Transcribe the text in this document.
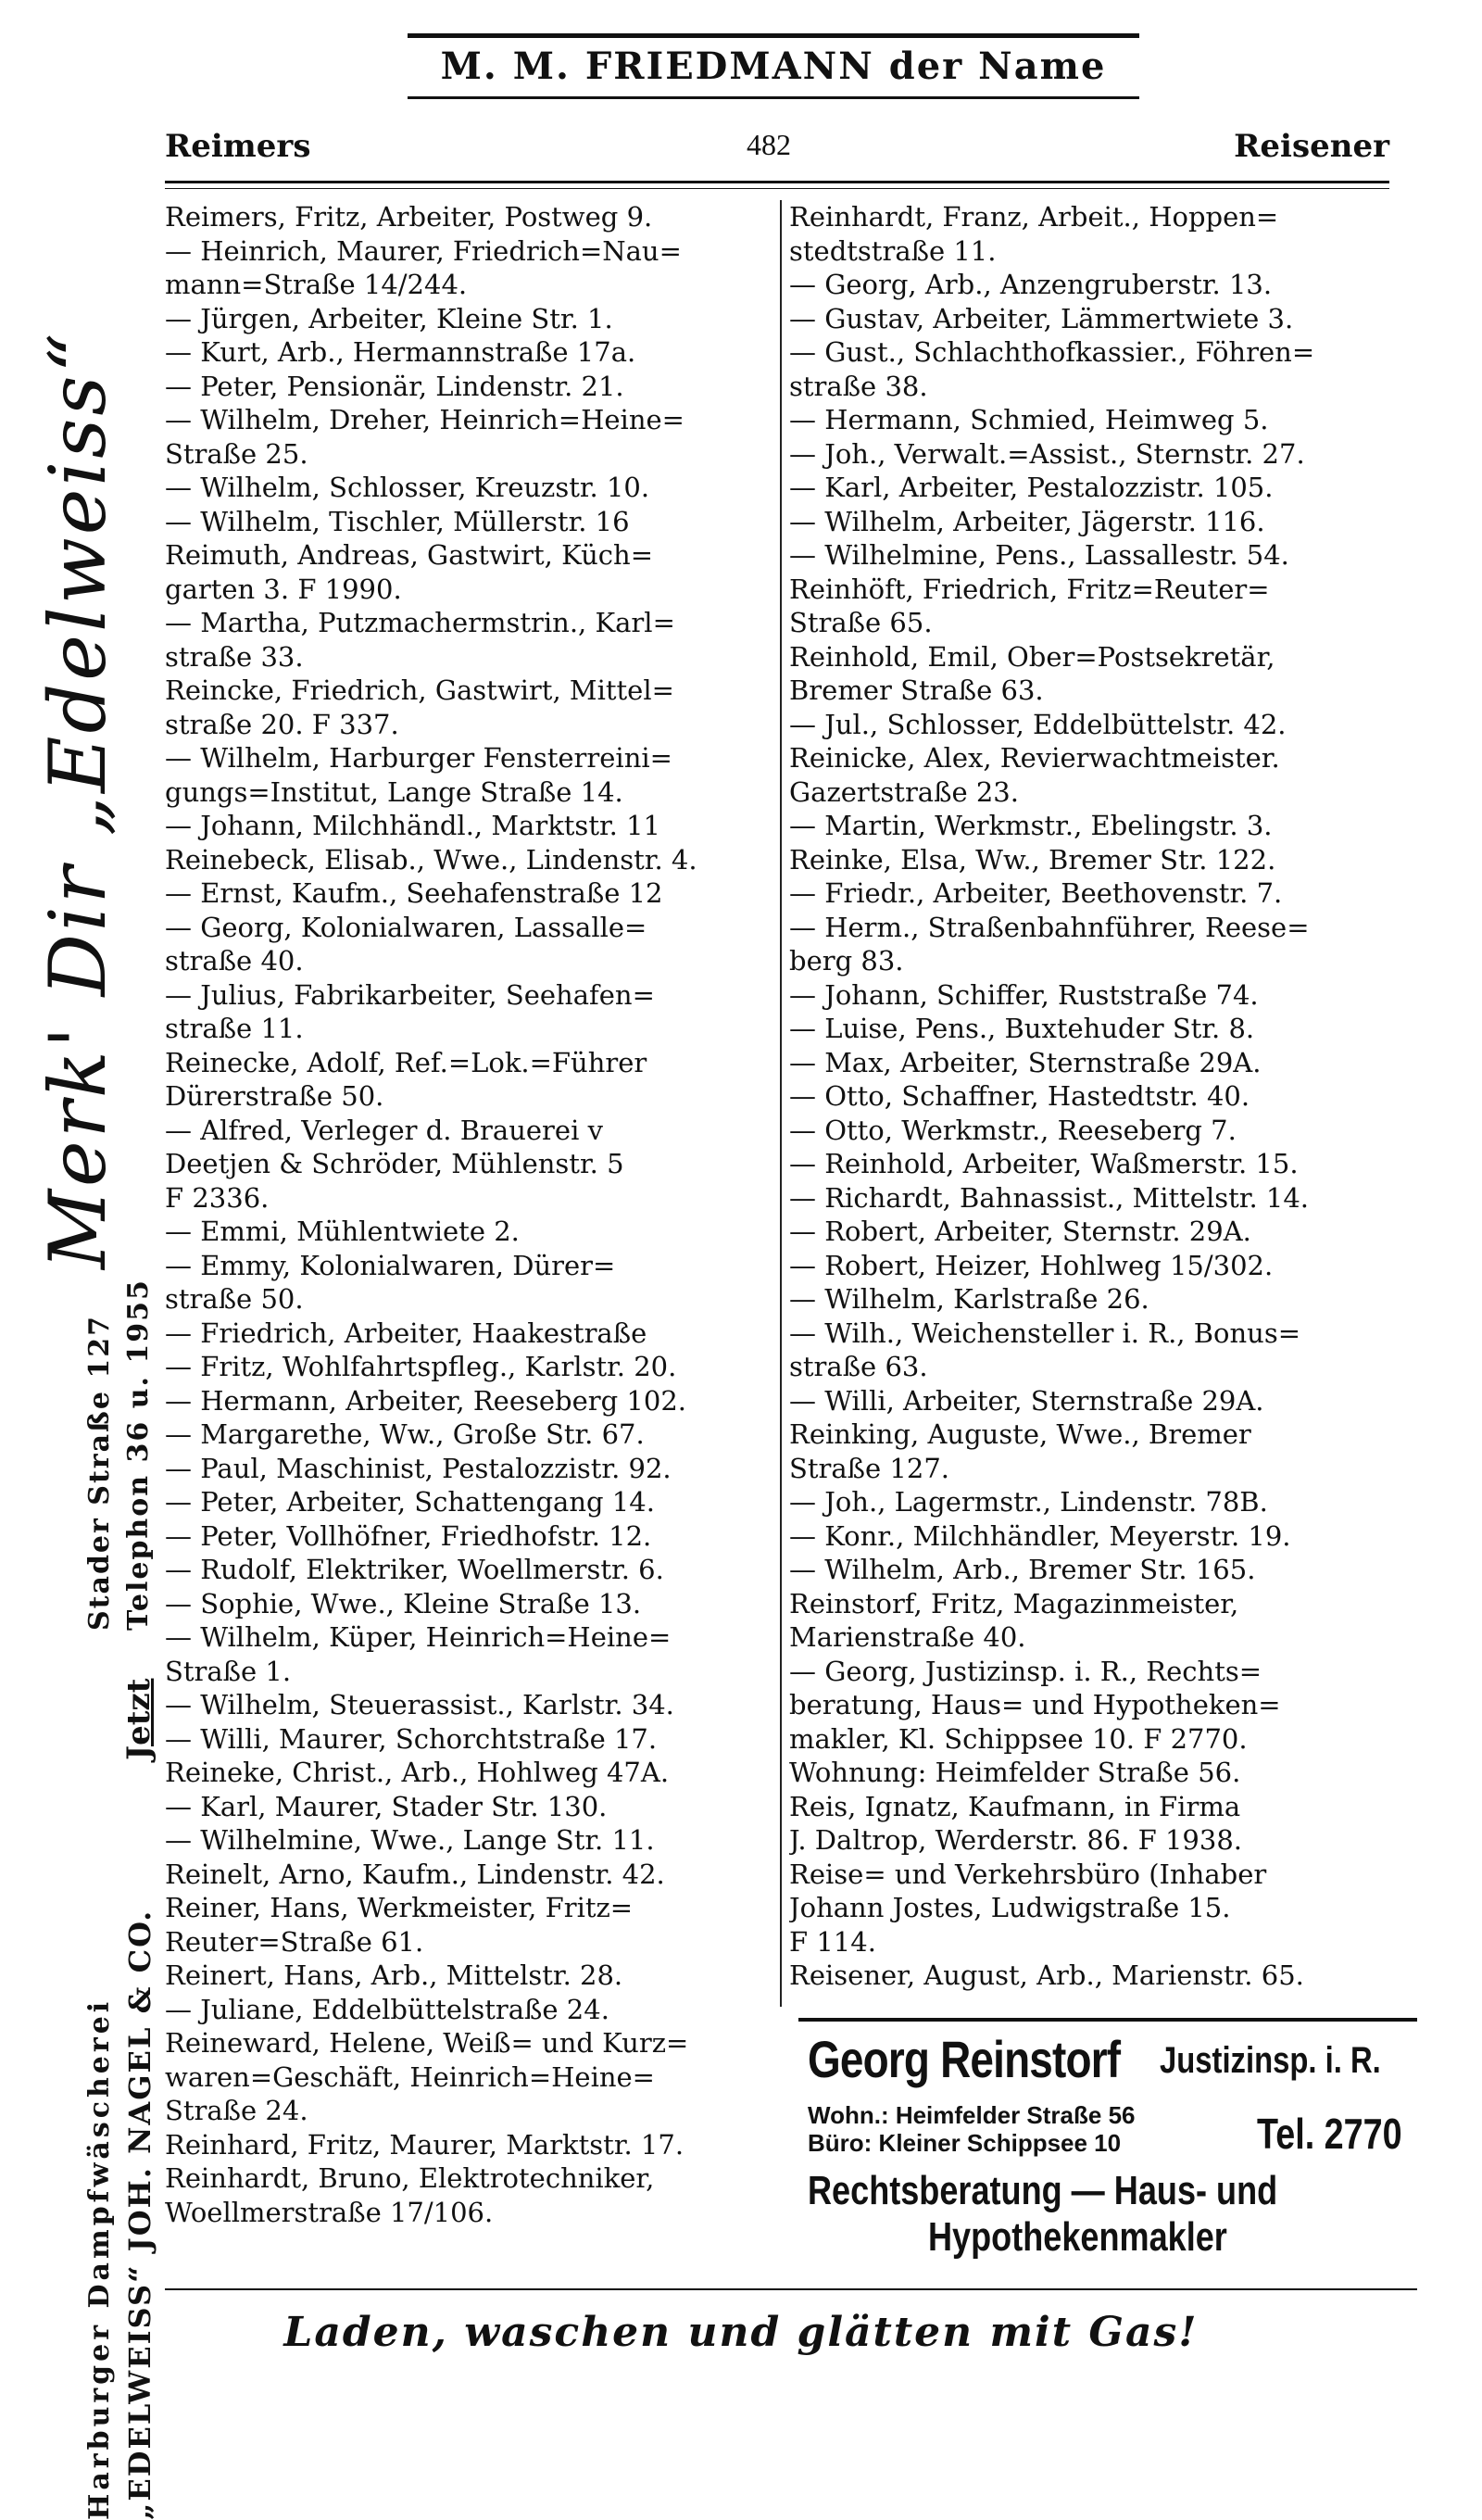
M. M. FRIEDMANN der Name
Reimers	482	Reisener
Merk' Dir „Edelweiss“
Stader Straße 127 Telephon 36 u. 1955
Jetzt
Harburger Dampfwäscherei „EDELWEISS“ JOH. NAGEL & CO.
Reimers, Fritz, Arbeiter, Postweg 9.
— Heinrich, Maurer, Friedrich=Nau=
mann=Straße 14/244.
— Jürgen, Arbeiter, Kleine Str. 1.
— Kurt, Arb., Hermannstraße 17a.
— Peter, Pensionär, Lindenstr. 21.
— Wilhelm, Dreher, Heinrich=Heine=
Straße 25.
— Wilhelm, Schlosser, Kreuzstr. 10.
— Wilhelm, Tischler, Müllerstr. 16
Reimuth, Andreas, Gastwirt, Küch=
garten 3. F 1990.
— Martha, Putzmachermstrin., Karl=
straße 33.
Reincke, Friedrich, Gastwirt, Mittel=
straße 20. F 337.
— Wilhelm, Harburger Fensterreini=
gungs=Institut, Lange Straße 14.
— Johann, Milchhändl., Marktstr. 11
Reinebeck, Elisab., Wwe., Lindenstr. 4.
— Ernst, Kaufm., Seehafenstraße 12
— Georg, Kolonialwaren, Lassalle=
straße 40.
— Julius, Fabrikarbeiter, Seehafen=
straße 11.
Reinecke, Adolf, Ref.=Lok.=Führer
Dürerstraße 50.
— Alfred, Verleger d. Brauerei v
Deetjen & Schröder, Mühlenstr. 5
F 2336.
— Emmi, Mühlentwiete 2.
— Emmy, Kolonialwaren, Dürer=
straße 50.
— Friedrich, Arbeiter, Haakestraße
— Fritz, Wohlfahrtspfleg., Karlstr. 20.
— Hermann, Arbeiter, Reeseberg 102.
— Margarethe, Ww., Große Str. 67.
— Paul, Maschinist, Pestalozzistr. 92.
— Peter, Arbeiter, Schattengang 14.
— Peter, Vollhöfner, Friedhofstr. 12.
— Rudolf, Elektriker, Woellmerstr. 6.
— Sophie, Wwe., Kleine Straße 13.
— Wilhelm, Küper, Heinrich=Heine=
Straße 1.
— Wilhelm, Steuerassist., Karlstr. 34.
— Willi, Maurer, Schorchtstraße 17.
Reineke, Christ., Arb., Hohlweg 47A.
— Karl, Maurer, Stader Str. 130.
— Wilhelmine, Wwe., Lange Str. 11.
Reinelt, Arno, Kaufm., Lindenstr. 42.
Reiner, Hans, Werkmeister, Fritz=
Reuter=Straße 61.
Reinert, Hans, Arb., Mittelstr. 28.
— Juliane, Eddelbüttelstraße 24.
Reineward, Helene, Weiß= und Kurz=
waren=Geschäft, Heinrich=Heine=
Straße 24.
Reinhard, Fritz, Maurer, Marktstr. 17.
Reinhardt, Bruno, Elektrotechniker,
Woellmerstraße 17/106.
Reinhardt, Franz, Arbeit., Hoppen=
stedtstraße 11.
— Georg, Arb., Anzengruberstr. 13.
— Gustav, Arbeiter, Lämmertwiete 3.
— Gust., Schlachthofkassier., Föhren=
straße 38.
— Hermann, Schmied, Heimweg 5.
— Joh., Verwalt.=Assist., Sternstr. 27.
— Karl, Arbeiter, Pestalozzistr. 105.
— Wilhelm, Arbeiter, Jägerstr. 116.
— Wilhelmine, Pens., Lassallestr. 54.
Reinhöft, Friedrich, Fritz=Reuter=
Straße 65.
Reinhold, Emil, Ober=Postsekretär,
Bremer Straße 63.
— Jul., Schlosser, Eddelbüttelstr. 42.
Reinicke, Alex, Revierwachtmeister.
Gazertstraße 23.
— Martin, Werkmstr., Ebelingstr. 3.
Reinke, Elsa, Ww., Bremer Str. 122.
— Friedr., Arbeiter, Beethovenstr. 7.
— Herm., Straßenbahnführer, Reese=
berg 83.
— Johann, Schiffer, Ruststraße 74.
— Luise, Pens., Buxtehuder Str. 8.
— Max, Arbeiter, Sternstraße 29A.
— Otto, Schaffner, Hastedtstr. 40.
— Otto, Werkmstr., Reeseberg 7.
— Reinhold, Arbeiter, Waßmerstr. 15.
— Richardt, Bahnassist., Mittelstr. 14.
— Robert, Arbeiter, Sternstr. 29A.
— Robert, Heizer, Hohlweg 15/302.
— Wilhelm, Karlstraße 26.
— Wilh., Weichensteller i. R., Bonus=
straße 63.
— Willi, Arbeiter, Sternstraße 29A.
Reinking, Auguste, Wwe., Bremer
Straße 127.
— Joh., Lagermstr., Lindenstr. 78B.
— Konr., Milchhändler, Meyerstr. 19.
— Wilhelm, Arb., Bremer Str. 165.
Reinstorf, Fritz, Magazinmeister,
Marienstraße 40.
— Georg, Justizinsp. i. R., Rechts=
beratung, Haus= und Hypotheken=
makler, Kl. Schippsee 10. F 2770.
Wohnung: Heimfelder Straße 56.
Reis, Ignatz, Kaufmann, in Firma
J. Daltrop, Werderstr. 86. F 1938.
Reise= und Verkehrsbüro (Inhaber
Johann Jostes, Ludwigstraße 15.
F 114.
Reisener, August, Arb., Marienstr. 65.
Georg Reinstorf Justizinsp. i. R.
Wohn.: Heimfelder Straße 56
Büro: Kleiner Schippsee 10	Tel. 2770
Rechtsberatung — Haus- und
Hypothekenmakler
Laden, waschen und glätten mit Gas!
